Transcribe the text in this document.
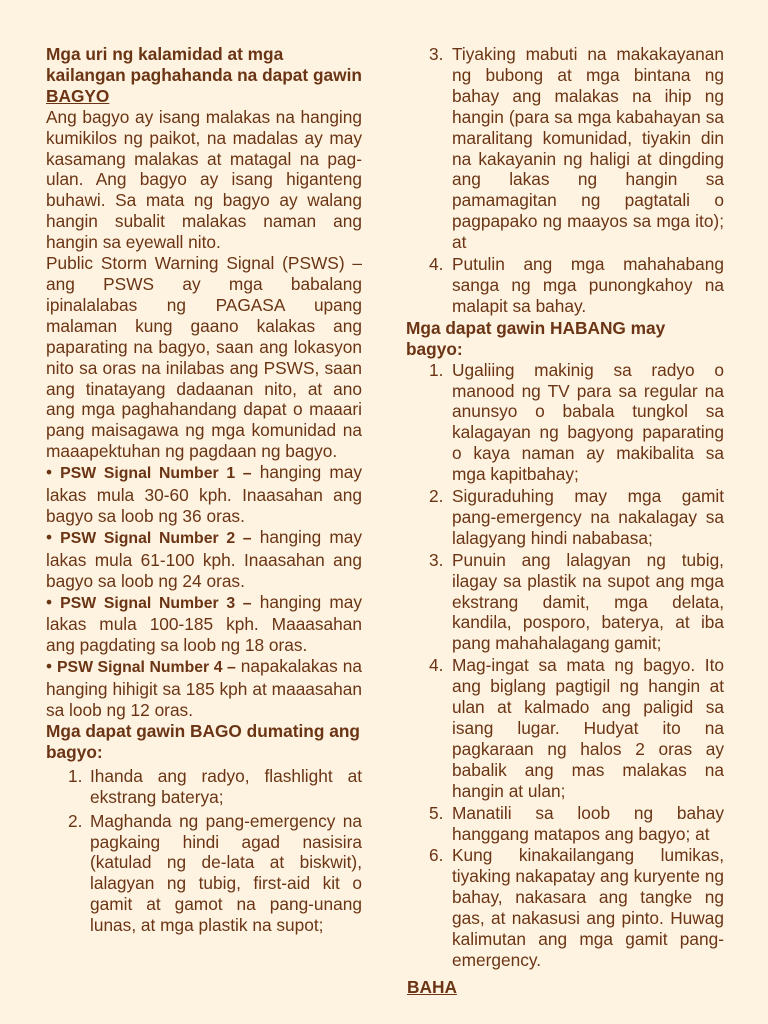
Mga uri ng kalamidad at mga kailangan paghahanda na dapat gawin
BAGYO
Ang bagyo ay isang malakas na hanging kumikilos ng paikot, na madalas ay may kasamang malakas at matagal na pag-ulan. Ang bagyo ay isang higanteng buhawi. Sa mata ng bagyo ay walang hangin subalit malakas naman ang hangin sa eyewall nito.
Public Storm Warning Signal (PSWS) – ang PSWS ay mga babalang ipinalalabas ng PAGASA upang malaman kung gaano kalakas ang paparating na bagyo, saan ang lokasyon nito sa oras na inilabas ang PSWS, saan ang tinatayang dadaanan nito, at ano ang mga paghahandang dapat o maaari pang maisagawa ng mga komunidad na maaapektuhan ng pagdaan ng bagyo.
• PSW Signal Number 1 – hanging may lakas mula 30-60 kph. Inaasahan ang bagyo sa loob ng 36 oras.
• PSW Signal Number 2 – hanging may lakas mula 61-100 kph. Inaasahan ang bagyo sa loob ng 24 oras.
• PSW Signal Number 3 – hanging may lakas mula 100-185 kph. Maaasahan ang pagdating sa loob ng 18 oras.
• PSW Signal Number 4 – napakalakas na hanging hihigit sa 185 kph at maaasahan sa loob ng 12 oras.
Mga dapat gawin BAGO dumating ang bagyo:
1. Ihanda ang radyo, flashlight at ekstrang baterya;
2. Maghanda ng pang-emergency na pagkaing hindi agad nasisira (katulad ng de-lata at biskwit), lalagyan ng tubig, first-aid kit o gamit at gamot na pang-unang lunas, at mga plastik na supot;
3. Tiyaking mabuti na makakayanan ng bubong at mga bintana ng bahay ang malakas na ihip ng hangin (para sa mga kabahayan sa maralitang komunidad, tiyakin din na kakayanin ng haligi at dingding ang lakas ng hangin sa pamamagitan ng pagtatali o pagpapako ng maayos sa mga ito); at
4. Putulin ang mga mahahabang sanga ng mga punongkahoy na malapit sa bahay.
Mga dapat gawin HABANG may bagyo:
1. Ugaliing makinig sa radyo o manood ng TV para sa regular na anunsyo o babala tungkol sa kalagayan ng bagyong paparating o kaya naman ay makibalita sa mga kapitbahay;
2. Siguraduhing may mga gamit pang-emergency na nakalagay sa lalagyang hindi nababasa;
3. Punuin ang lalagyan ng tubig, ilagay sa plastik na supot ang mga ekstrang damit, mga delata, kandila, posporo, baterya, at iba pang mahahalagang gamit;
4. Mag-ingat sa mata ng bagyo. Ito ang biglang pagtigil ng hangin at ulan at kalmado ang paligid sa isang lugar. Hudyat ito na pagkaraan ng halos 2 oras ay babalik ang mas malakas na hangin at ulan;
5. Manatili sa loob ng bahay hanggang matapos ang bagyo; at
6. Kung kinakailangang lumikas, tiyaking nakapatay ang kuryente ng bahay, nakasara ang tangke ng gas, at nakasusi ang pinto. Huwag kalimutan ang mga gamit pang-emergency.
BAHA
